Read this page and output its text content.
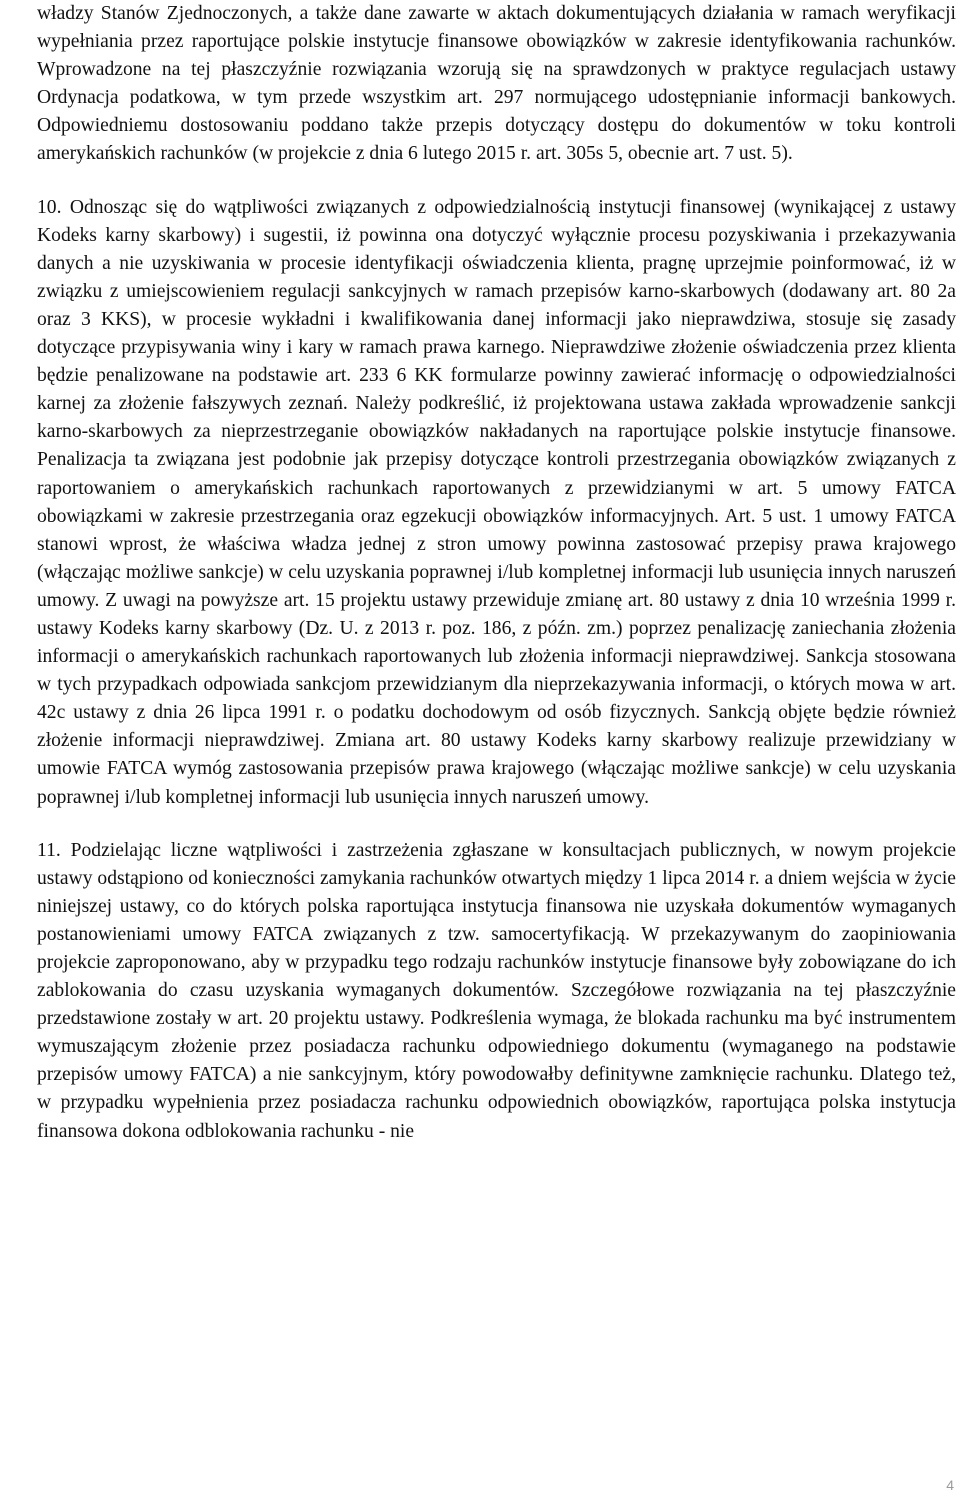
władzy Stanów Zjednoczonych, a także dane zawarte w aktach dokumentujących działania w ramach weryfikacji wypełniania przez raportujące polskie instytucje finansowe obowiązków w zakresie identyfikowania rachunków. Wprowadzone na tej płaszczyźnie rozwiązania wzorują się na sprawdzonych w praktyce regulacjach ustawy Ordynacja podatkowa, w tym przede wszystkim art. 297 normującego udostępnianie informacji bankowych. Odpowiedniemu dostosowaniu poddano także przepis dotyczący dostępu do dokumentów w toku kontroli amerykańskich rachunków (w projekcie z dnia 6 lutego 2015 r. art. 305s 5, obecnie art. 7 ust. 5).

10. Odnosząc się do wątpliwości związanych z odpowiedzialnością instytucji finansowej (wynikającej z ustawy Kodeks karny skarbowy) i sugestii, iż powinna ona dotyczyć wyłącznie procesu pozyskiwania i przekazywania danych a nie uzyskiwania w procesie identyfikacji oświadczenia klienta, pragnę uprzejmie poinformować, iż w związku z umiejscowieniem regulacji sankcyjnych w ramach przepisów karno-skarbowych (dodawany art. 80 2a oraz 3 KKS), w procesie wykładni i kwalifikowania danej informacji jako nieprawdziwa, stosuje się zasady dotyczące przypisywania winy i kary w ramach prawa karnego. Nieprawdziwe złożenie oświadczenia przez klienta będzie penalizowane na podstawie art. 233 6 KK formularze powinny zawierać informację o odpowiedzialności karnej za złożenie fałszywych zeznań. Należy podkreślić, iż projektowana ustawa zakłada wprowadzenie sankcji karno-skarbowych za nieprzestrzeganie obowiązków nakładanych na raportujące polskie instytucje finansowe. Penalizacja ta związana jest podobnie jak przepisy dotyczące kontroli przestrzegania obowiązków związanych z raportowaniem o amerykańskich rachunkach raportowanych z przewidzianymi w art. 5 umowy FATCA obowiązkami w zakresie przestrzegania oraz egzekucji obowiązków informacyjnych. Art. 5 ust. 1 umowy FATCA stanowi wprost, że właściwa władza jednej z stron umowy powinna zastosować przepisy prawa krajowego (włączając możliwe sankcje) w celu uzyskania poprawnej i/lub kompletnej informacji lub usunięcia innych naruszeń umowy. Z uwagi na powyższe art. 15 projektu ustawy przewiduje zmianę art. 80 ustawy z dnia 10 września 1999 r. ustawy Kodeks karny skarbowy (Dz. U. z 2013 r. poz. 186, z późn. zm.) poprzez penalizację zaniechania złożenia informacji o amerykańskich rachunkach raportowanych lub złożenia informacji nieprawdziwej. Sankcja stosowana w tych przypadkach odpowiada sankcjom przewidzianym dla nieprzekazywania informacji, o których mowa w art. 42c ustawy z dnia 26 lipca 1991 r. o podatku dochodowym od osób fizycznych. Sankcją objęte będzie również złożenie informacji nieprawdziwej. Zmiana art. 80 ustawy Kodeks karny skarbowy realizuje przewidziany w umowie FATCA wymóg zastosowania przepisów prawa krajowego (włączając możliwe sankcje) w celu uzyskania poprawnej i/lub kompletnej informacji lub usunięcia innych naruszeń umowy.

11. Podzielając liczne wątpliwości i zastrzeżenia zgłaszane w konsultacjach publicznych, w nowym projekcie ustawy odstąpiono od konieczności zamykania rachunków otwartych między 1 lipca 2014 r. a dniem wejścia w życie niniejszej ustawy, co do których polska raportująca instytucja finansowa nie uzyskała dokumentów wymaganych postanowieniami umowy FATCA związanych z tzw. samocertyfikacją. W przekazywanym do zaopiniowania projekcie zaproponowano, aby w przypadku tego rodzaju rachunków instytucje finansowe były zobowiązane do ich zablokowania do czasu uzyskania wymaganych dokumentów. Szczegółowe rozwiązania na tej płaszczyźnie przedstawione zostały w art. 20 projektu ustawy. Podkreślenia wymaga, że blokada rachunku ma być instrumentem wymuszającym złożenie przez posiadacza rachunku odpowiedniego dokumentu (wymaganego na podstawie przepisów umowy FATCA) a nie sankcyjnym, który powodowałby definitywne zamknięcie rachunku. Dlatego też, w przypadku wypełnienia przez posiadacza rachunku odpowiednich obowiązków, raportująca polska instytucja finansowa dokona odblokowania rachunku - nie

4
